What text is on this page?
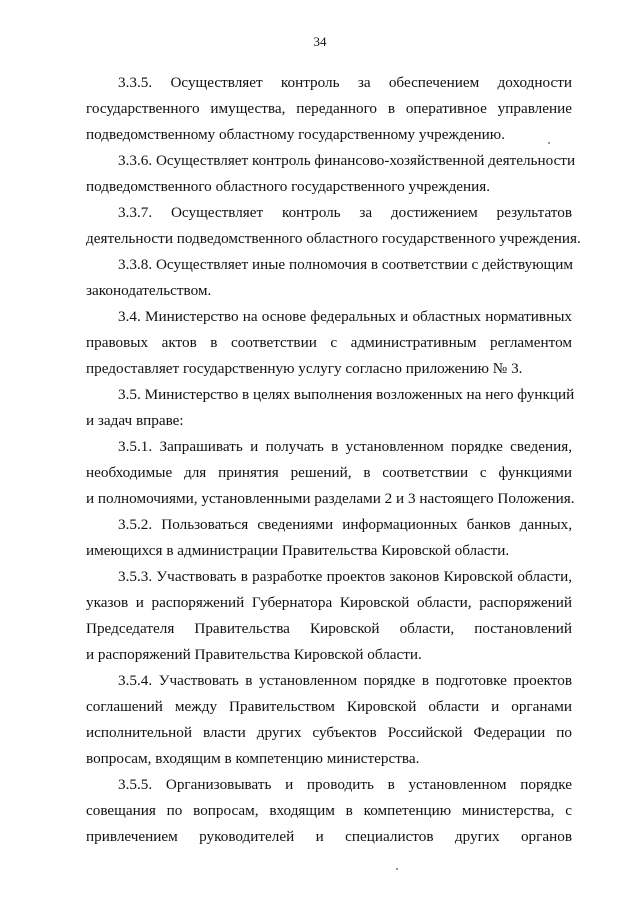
34
3.3.5. Осуществляет контроль за обеспечением доходности
государственного имущества, переданного в оперативное управление
подведомственному областному государственному учреждению.
3.3.6. Осуществляет контроль финансово-хозяйственной деятельности
подведомственного областного государственного учреждения.
3.3.7. Осуществляет контроль за достижением результатов
деятельности подведомственного областного государственного учреждения.
3.3.8. Осуществляет иные полномочия в соответствии с действующим
законодательством.
3.4. Министерство на основе федеральных и областных нормативных
правовых актов в соответствии с административным регламентом
предоставляет государственную услугу согласно приложению № 3.
3.5. Министерство в целях выполнения возложенных на него функций
и задач вправе:
3.5.1. Запрашивать и получать в установленном порядке сведения,
необходимые для принятия решений, в соответствии с функциями
и полномочиями, установленными разделами 2 и 3 настоящего Положения.
3.5.2. Пользоваться сведениями информационных банков данных,
имеющихся в администрации Правительства Кировской области.
3.5.3. Участвовать в разработке проектов законов Кировской области,
указов и распоряжений Губернатора Кировской области, распоряжений
Председателя Правительства Кировской области, постановлений
и распоряжений Правительства Кировской области.
3.5.4. Участвовать в установленном порядке в подготовке проектов
соглашений между Правительством Кировской области и органами
исполнительной власти других субъектов Российской Федерации по
вопросам, входящим в компетенцию министерства.
3.5.5. Организовывать и проводить в установленном порядке
совещания по вопросам, входящим в компетенцию министерства, с
привлечением руководителей и специалистов других органов
